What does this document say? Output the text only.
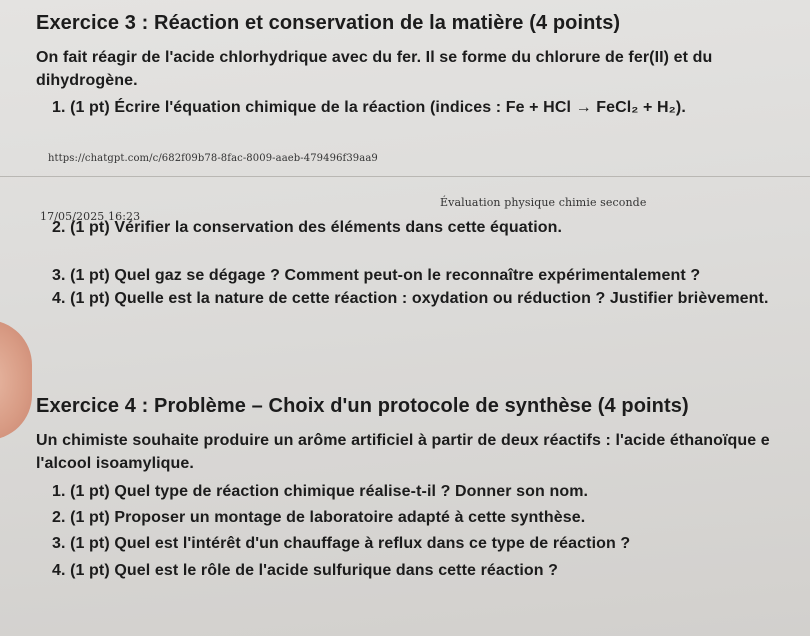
Exercice 3 : Réaction et conservation de la matière (4 points)
On fait réagir de l'acide chlorhydrique avec du fer. Il se forme du chlorure de fer(II) et du
dihydrogène.
1. (1 pt) Écrire l'équation chimique de la réaction (indices : Fe + HCl → FeCl₂ + H₂).
https://chatgpt.com/c/682f09b78-8fac-8009-aaeb-479496f39aa9
17/05/2025 16:23
Évaluation physique chimie seconde
2. (1 pt) Vérifier la conservation des éléments dans cette équation.
3. (1 pt) Quel gaz se dégage ? Comment peut-on le reconnaître expérimentalement ?
4. (1 pt) Quelle est la nature de cette réaction : oxydation ou réduction ? Justifier brièvement.
Exercice 4 : Problème – Choix d'un protocole de synthèse (4 points)
Un chimiste souhaite produire un arôme artificiel à partir de deux réactifs : l'acide éthanoïque e
l'alcool isoamylique.
1. (1 pt) Quel type de réaction chimique réalise-t-il ? Donner son nom.
2. (1 pt) Proposer un montage de laboratoire adapté à cette synthèse.
3. (1 pt) Quel est l'intérêt d'un chauffage à reflux dans ce type de réaction ?
4. (1 pt) Quel est le rôle de l'acide sulfurique dans cette réaction ?
